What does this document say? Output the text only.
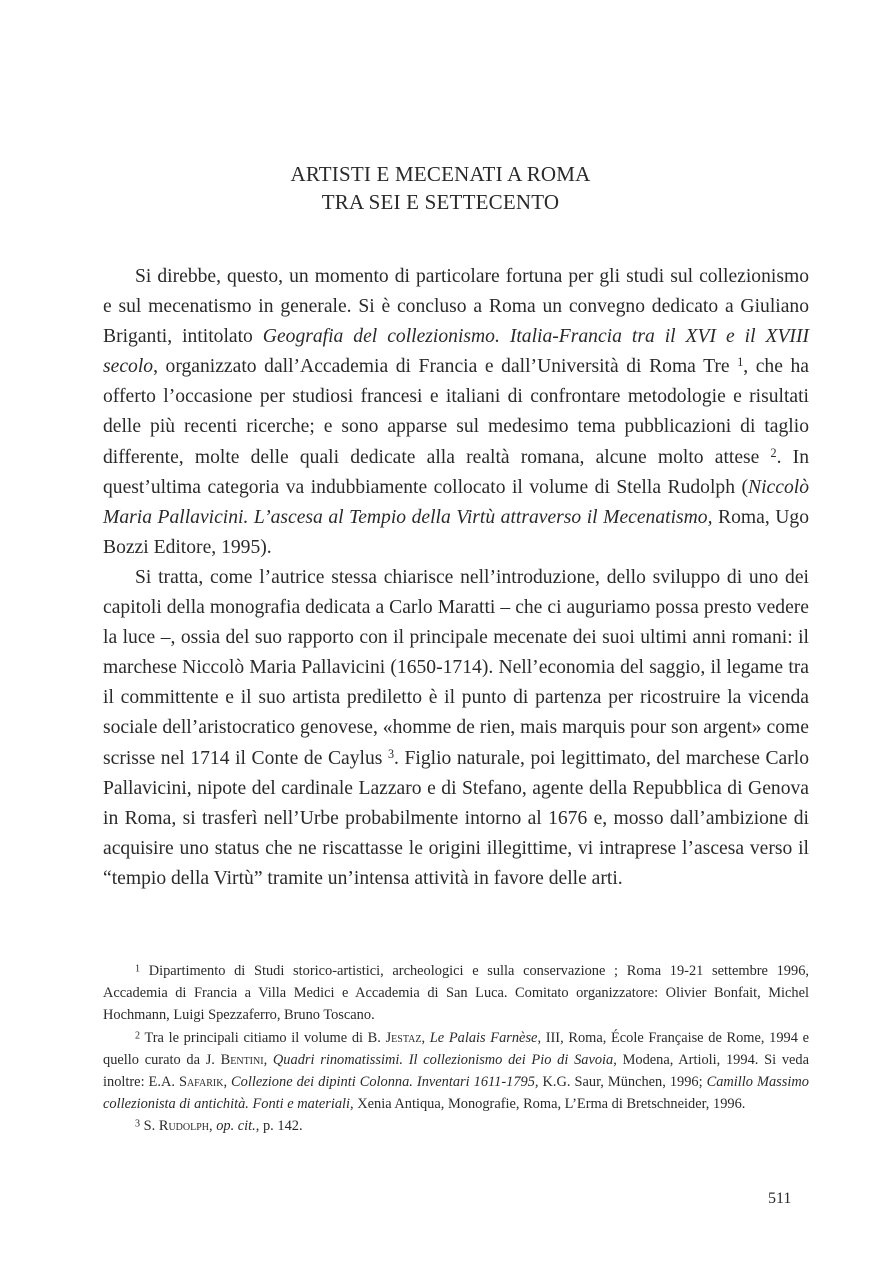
ARTISTI E MECENATI A ROMA
TRA SEI E SETTECENTO

Si direbbe, questo, un momento di particolare fortuna per gli studi sul collezionismo e sul mecenatismo in generale. Si è concluso a Roma un convegno dedicato a Giuliano Briganti, intitolato Geografia del collezionismo. Italia-Francia tra il XVI e il XVIII secolo, organizzato dall’Accademia di Francia e dall’Università di Roma Tre $^1$, che ha offerto l’occasione per studiosi francesi e italiani di confrontare metodologie e risultati delle più recenti ricerche; e sono apparse sul medesimo tema pubblicazioni di taglio differente, molte delle quali dedicate alla realtà romana, alcune molto attese $^2$. In quest’ultima categoria va indubbiamente collocato il volume di Stella Rudolph (Niccolò Maria Pallavicini. L’ascesa al Tempio della Virtù attraverso il Mecenatismo, Roma, Ugo Bozzi Editore, 1995).

Si tratta, come l’autrice stessa chiarisce nell’introduzione, dello sviluppo di uno dei capitoli della monografia dedicata a Carlo Maratti – che ci auguriamo possa presto vedere la luce –, ossia del suo rapporto con il principale mecenate dei suoi ultimi anni romani: il marchese Niccolò Maria Pallavicini (1650-1714). Nell’economia del saggio, il legame tra il committente e il suo artista prediletto è il punto di partenza per ricostruire la vicenda sociale dell’aristocratico genovese, «homme de rien, mais marquis pour son argent» come scrisse nel 1714 il Conte de Caylus $^3$. Figlio naturale, poi legittimato, del marchese Carlo Pallavicini, nipote del cardinale Lazzaro e di Stefano, agente della Repubblica di Genova in Roma, si trasferì nell’Urbe probabilmente intorno al 1676 e, mosso dall’ambizione di acquisire uno status che ne riscattasse le origini illegittime, vi intraprese l’ascesa verso il “tempio della Virtù” tramite un’intensa attività in favore delle arti.

$^1$ Dipartimento di Studi storico-artistici, archeologici e sulla conservazione ; Roma 19-21 settembre 1996, Accademia di Francia a Villa Medici e Accademia di San Luca. Comitato organizzatore: Olivier Bonfait, Michel Hochmann, Luigi Spezzaferro, Bruno Toscano.

$^2$ Tra le principali citiamo il volume di B. Jestaz, Le Palais Farnèse, III, Roma, École Française de Rome, 1994 e quello curato da J. Bentini, Quadri rinomatissimi. Il collezionismo dei Pio di Savoia, Modena, Artioli, 1994. Si veda inoltre: E.A. Safarik, Collezione dei dipinti Colonna. Inventari 1611-1795, K.G. Saur, München, 1996; Camillo Massimo collezionista di antichità. Fonti e materiali, Xenia Antiqua, Monografie, Roma, L’Erma di Bretschneider, 1996.

$^3$ S. Rudolph, op. cit., p. 142.

511
